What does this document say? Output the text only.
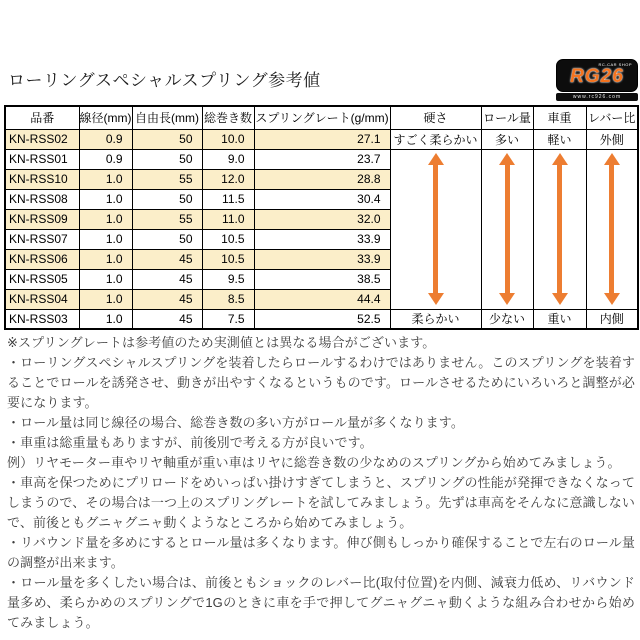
ローリングスペシャルスプリング参考値
RC-CAR SHOP
RG26
www.rc926.com
品番	線径(mm)	自由長(mm)	総巻き数	スプリングレート(g/mm)	硬さ	ロール量	車重	レバー比
KN-RSS02	0.9	50	10.0	27.1	すごく柔らかい	多い	軽い	外側
KN-RSS01	0.9	50	9.0	23.7	

KN-RSS10	1.0	55	12.0	28.8				
KN-RSS08	1.0	50	11.5	30.4				
KN-RSS09	1.0	55	11.0	32.0				
KN-RSS07	1.0	50	10.5	33.9				
KN-RSS06	1.0	45	10.5	33.9				
KN-RSS05	1.0	45	9.5	38.5				
KN-RSS04	1.0	45	8.5	44.4				
KN-RSS03	1.0	45	7.5	52.5	柔らかい	少ない	重い	内側

※スプリングレートは参考値のため実測値とは異なる場合がございます。

・ローリングスペシャルスプリングを装着したらロールするわけではありません。このスプリングを装着することでロールを誘発させ、動きが出やすくなるというものです。ロールさせるためにいろいろと調整が必要になります。

・ロール量は同じ線径の場合、総巻き数の多い方がロール量が多くなります。

・車重は総重量もありますが、前後別で考える方が良いです。

例）リヤモーター車やリヤ軸重が重い車はリヤに総巻き数の少なめのスプリングから始めてみましょう。

・車高を保つためにプリロードをめいっぱい掛けすぎてしまうと、スプリングの性能が発揮できなくなってしまうので、その場合は一つ上のスプリングレートを試してみましょう。先ずは車高をそんなに意識しないで、前後ともグニャグニャ動くようなところから始めてみましょう。

・リバウンド量を多めにするとロール量は多くなります。伸び側もしっかり確保することで左右のロール量の調整が出来ます。

・ロール量を多くしたい場合は、前後ともショックのレバー比(取付位置)を内側、減衰力低め、リバウンド量多め、柔らかめのスプリングで1Gのときに車を手で押してグニャグニャ動くような組み合わせから始めてみましょう。
